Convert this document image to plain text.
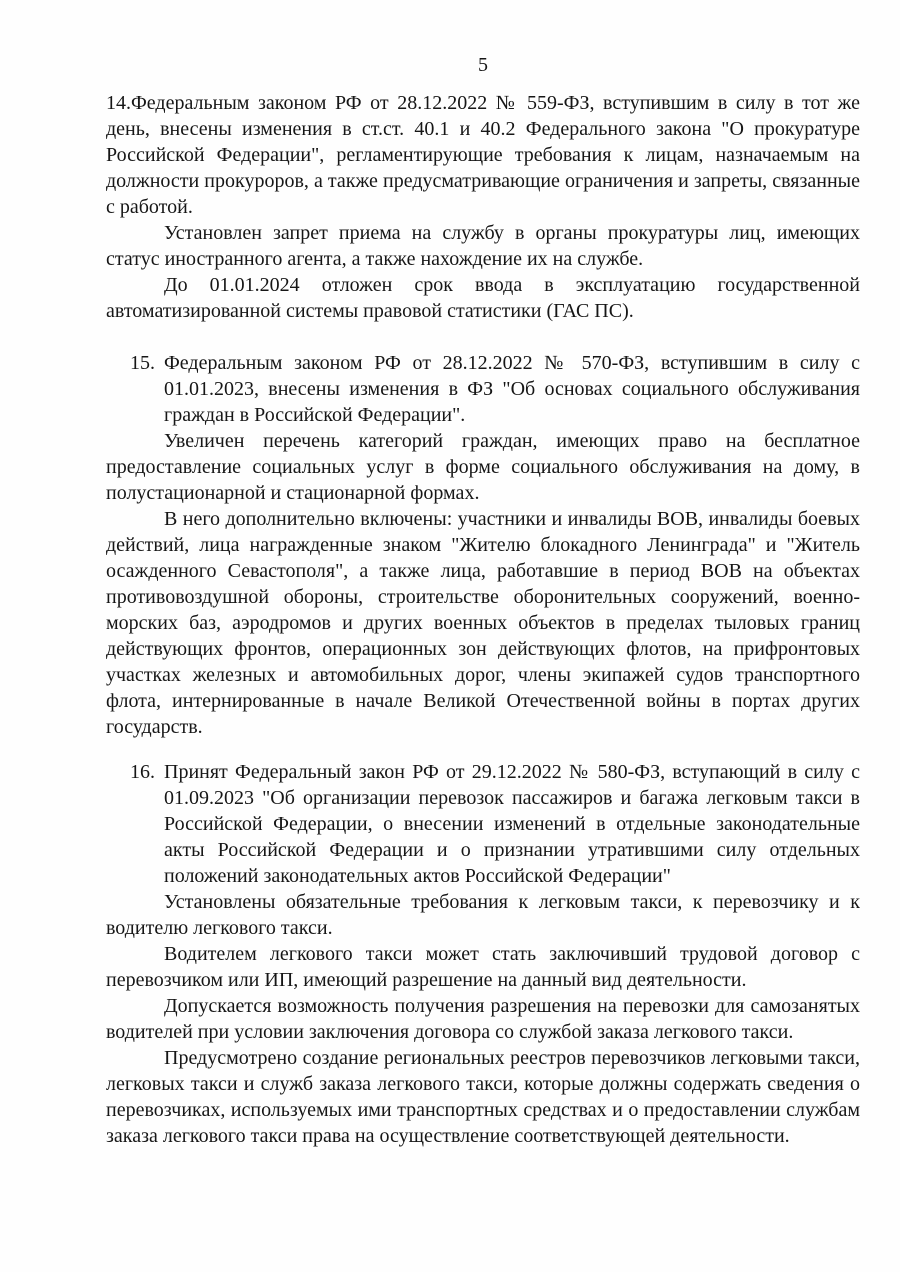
5

14.Федеральным законом РФ от 28.12.2022 № 559-ФЗ, вступившим в силу в тот же день, внесены изменения в ст.ст. 40.1 и 40.2 Федерального закона "О прокуратуре Российской Федерации", регламентирующие требования к лицам, назначаемым на должности прокуроров, а также предусматривающие ограничения и запреты, связанные с работой.

Установлен запрет приема на службу в органы прокуратуры лиц, имеющих статус иностранного агента, а также нахождение их на службе.

До 01.01.2024 отложен срок ввода в эксплуатацию государственной автоматизированной системы правовой статистики (ГАС ПС).

15. Федеральным законом РФ от 28.12.2022 № 570-ФЗ, вступившим в силу с 01.01.2023, внесены изменения в ФЗ "Об основах социального обслуживания граждан в Российской Федерации".

Увеличен перечень категорий граждан, имеющих право на бесплатное предоставление социальных услуг в форме социального обслуживания на дому, в полустационарной и стационарной формах.

В него дополнительно включены: участники и инвалиды ВОВ, инвалиды боевых действий, лица награжденные знаком "Жителю блокадного Ленинграда" и "Житель осажденного Севастополя", а также лица, работавшие в период ВОВ на объектах противовоздушной обороны, строительстве оборонительных сооружений, военно-морских баз, аэродромов и других военных объектов в пределах тыловых границ действующих фронтов, операционных зон действующих флотов, на прифронтовых участках железных и автомобильных дорог, члены экипажей судов транспортного флота, интернированные в начале Великой Отечественной войны в портах других государств.

16. Принят Федеральный закон РФ от 29.12.2022 № 580-ФЗ, вступающий в силу с 01.09.2023 "Об организации перевозок пассажиров и багажа легковым такси в Российской Федерации, о внесении изменений в отдельные законодательные акты Российской Федерации и о признании утратившими силу отдельных положений законодательных актов Российской Федерации"

Установлены обязательные требования к легковым такси, к перевозчику и к водителю легкового такси.

Водителем легкового такси может стать заключивший трудовой договор с перевозчиком или ИП, имеющий разрешение на данный вид деятельности.

Допускается возможность получения разрешения на перевозки для самозанятых водителей при условии заключения договора со службой заказа легкового такси.

Предусмотрено создание региональных реестров перевозчиков легковыми такси, легковых такси и служб заказа легкового такси, которые должны содержать сведения о перевозчиках, используемых ими транспортных средствах и о предоставлении службам заказа легкового такси права на осуществление соответствующей деятельности.
